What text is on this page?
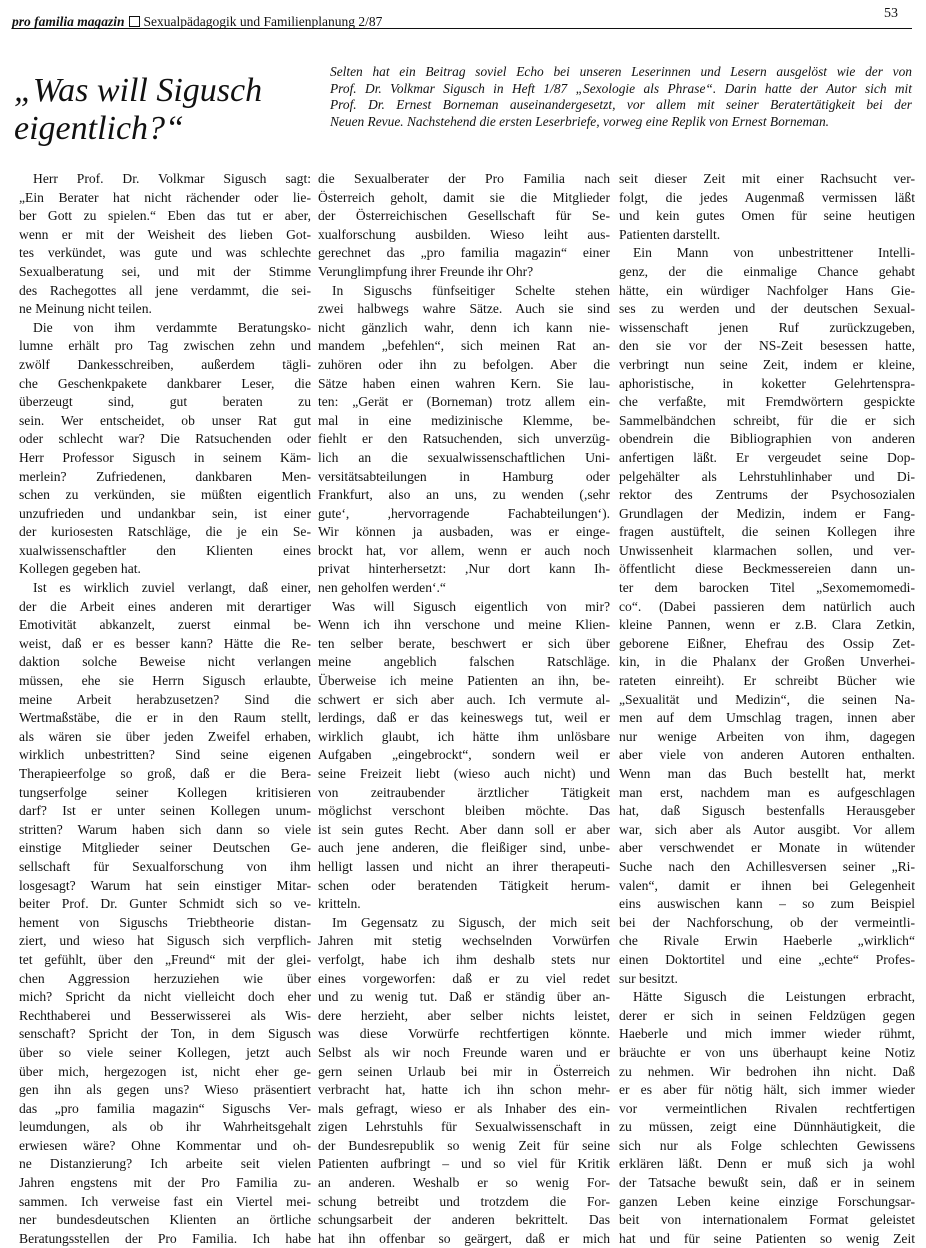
pro familia magazin Sexualpädagogik und Familienplanung 2/87
53
„Was will Sigusch
eigentlich?“
Selten hat ein Beitrag soviel Echo bei unseren Leserinnen und Lesern ausgelöst wie der von
Prof. Dr. Volkmar Sigusch in Heft 1/87 „Sexologie als Phrase“. Darin hatte der Autor sich mit
Prof. Dr. Ernest Borneman auseinandergesetzt, vor allem mit seiner Beratertätigkeit bei der
Neuen Revue. Nachstehend die ersten Leserbriefe, vorweg eine Replik von Ernest Borneman.
Herr Prof. Dr. Volkmar Sigusch sagt:
„Ein Berater hat nicht rächender oder lie-
ber Gott zu spielen.“ Eben das tut er aber,
wenn er mit der Weisheit des lieben Got-
tes verkündet, was gute und was schlechte
Sexualberatung sei, und mit der Stimme
des Rachegottes all jene verdammt, die sei-
ne Meinung nicht teilen.
Die von ihm verdammte Beratungsko-
lumne erhält pro Tag zwischen zehn und
zwölf Dankesschreiben, außerdem tägli-
che Geschenkpakete dankbarer Leser, die
überzeugt sind, gut beraten zu
sein. Wer entscheidet, ob unser Rat gut
oder schlecht war? Die Ratsuchenden oder
Herr Professor Sigusch in seinem Käm-
merlein? Zufriedenen, dankbaren Men-
schen zu verkünden, sie müßten eigentlich
unzufrieden und undankbar sein, ist einer
der kuriosesten Ratschläge, die je ein Se-
xualwissenschaftler den Klienten eines
Kollegen gegeben hat.
Ist es wirklich zuviel verlangt, daß einer,
der die Arbeit eines anderen mit derartiger
Emotivität abkanzelt, zuerst einmal be-
weist, daß er es besser kann? Hätte die Re-
daktion solche Beweise nicht verlangen
müssen, ehe sie Herrn Sigusch erlaubte,
meine Arbeit herabzusetzen? Sind die
Wertmaßstäbe, die er in den Raum stellt,
als wären sie über jeden Zweifel erhaben,
wirklich unbestritten? Sind seine eigenen
Therapieerfolge so groß, daß er die Bera-
tungserfolge seiner Kollegen kritisieren
darf? Ist er unter seinen Kollegen unum-
stritten? Warum haben sich dann so viele
einstige Mitglieder seiner Deutschen Ge-
sellschaft für Sexualforschung von ihm
losgesagt? Warum hat sein einstiger Mitar-
beiter Prof. Dr. Gunter Schmidt sich so ve-
hement von Siguschs Triebtheorie distan-
ziert, und wieso hat Sigusch sich verpflich-
tet gefühlt, über den „Freund“ mit der glei-
chen Aggression herzuziehen wie über
mich? Spricht da nicht vielleicht doch eher
Rechthaberei und Besserwisserei als Wis-
senschaft? Spricht der Ton, in dem Sigusch
über so viele seiner Kollegen, jetzt auch
über mich, hergezogen ist, nicht eher ge-
gen ihn als gegen uns? Wieso präsentiert
das „pro familia magazin“ Siguschs Ver-
leumdungen, als ob ihr Wahrheitsgehalt
erwiesen wäre? Ohne Kommentar und oh-
ne Distanzierung? Ich arbeite seit vielen
Jahren engstens mit der Pro Familia zu-
sammen. Ich verweise fast ein Viertel mei-
ner bundesdeutschen Klienten an örtliche
Beratungsstellen der Pro Familia. Ich habe
die Sexualberater der Pro Familia nach
Österreich geholt, damit sie die Mitglieder
der Österreichischen Gesellschaft für Se-
xualforschung ausbilden. Wieso leiht aus-
gerechnet das „pro familia magazin“ einer
Verunglimpfung ihrer Freunde ihr Ohr?
In Siguschs fünfseitiger Schelte stehen
zwei halbwegs wahre Sätze. Auch sie sind
nicht gänzlich wahr, denn ich kann nie-
mandem „befehlen“, sich meinen Rat an-
zuhören oder ihn zu befolgen. Aber die
Sätze haben einen wahren Kern. Sie lau-
ten: „Gerät er (Borneman) trotz allem ein-
mal in eine medizinische Klemme, be-
fiehlt er den Ratsuchenden, sich unverzüg-
lich an die sexualwissenschaftlichen Uni-
versitätsabteilungen in Hamburg oder
Frankfurt, also an uns, zu wenden (,sehr
gute‘, ,hervorragende Fachabteilungen‘).
Wir können ja ausbaden, was er einge-
brockt hat, vor allem, wenn er auch noch
privat hinterhersetzt: ,Nur dort kann Ih-
nen geholfen werden‘.“
Was will Sigusch eigentlich von mir?
Wenn ich ihn verschone und meine Klien-
ten selber berate, beschwert er sich über
meine angeblich falschen Ratschläge.
Überweise ich meine Patienten an ihn, be-
schwert er sich aber auch. Ich vermute al-
lerdings, daß er das keineswegs tut, weil er
wirklich glaubt, ich hätte ihm unlösbare
Aufgaben „eingebrockt“, sondern weil er
seine Freizeit liebt (wieso auch nicht) und
von zeitraubender ärztlicher Tätigkeit
möglichst verschont bleiben möchte. Das
ist sein gutes Recht. Aber dann soll er aber
auch jene anderen, die fleißiger sind, unbe-
helligt lassen und nicht an ihrer therapeuti-
schen oder beratenden Tätigkeit herum-
kritteln.
Im Gegensatz zu Sigusch, der mich seit
Jahren mit stetig wechselnden Vorwürfen
verfolgt, habe ich ihm deshalb stets nur
eines vorgeworfen: daß er zu viel redet
und zu wenig tut. Daß er ständig über an-
dere herzieht, aber selber nichts leistet,
was diese Vorwürfe rechtfertigen könnte.
Selbst als wir noch Freunde waren und er
gern seinen Urlaub bei mir in Österreich
verbracht hat, hatte ich ihn schon mehr-
mals gefragt, wieso er als Inhaber des ein-
zigen Lehrstuhls für Sexualwissenschaft in
der Bundesrepublik so wenig Zeit für seine
Patienten aufbringt – und so viel für Kritik
an anderen. Weshalb er so wenig For-
schung betreibt und trotzdem die For-
schungsarbeit der anderen bekrittelt. Das
hat ihn offenbar so geärgert, daß er mich
seit dieser Zeit mit einer Rachsucht ver-
folgt, die jedes Augenmaß vermissen läßt
und kein gutes Omen für seine heutigen
Patienten darstellt.
Ein Mann von unbestrittener Intelli-
genz, der die einmalige Chance gehabt
hätte, ein würdiger Nachfolger Hans Gie-
ses zu werden und der deutschen Sexual-
wissenschaft jenen Ruf zurückzugeben,
den sie vor der NS-Zeit besessen hatte,
verbringt nun seine Zeit, indem er kleine,
aphoristische, in koketter Gelehrtenspra-
che verfaßte, mit Fremdwörtern gespickte
Sammelbändchen schreibt, für die er sich
obendrein die Bibliographien von anderen
anfertigen läßt. Er vergeudet seine Dop-
pelgehälter als Lehrstuhlinhaber und Di-
rektor des Zentrums der Psychosozialen
Grundlagen der Medizin, indem er Fang-
fragen austüftelt, die seinen Kollegen ihre
Unwissenheit klarmachen sollen, und ver-
öffentlicht diese Beckmessereien dann un-
ter dem barocken Titel „Sexomemomedi-
co“. (Dabei passieren dem natürlich auch
kleine Pannen, wenn er z.B. Clara Zetkin,
geborene Eißner, Ehefrau des Ossip Zet-
kin, in die Phalanx der Großen Unverhei-
rateten einreiht). Er schreibt Bücher wie
„Sexualität und Medizin“, die seinen Na-
men auf dem Umschlag tragen, innen aber
nur wenige Arbeiten von ihm, dagegen
aber viele von anderen Autoren enthalten.
Wenn man das Buch bestellt hat, merkt
man erst, nachdem man es aufgeschlagen
hat, daß Sigusch bestenfalls Herausgeber
war, sich aber als Autor ausgibt. Vor allem
aber verschwendet er Monate in wütender
Suche nach den Achillesversen seiner „Ri-
valen“, damit er ihnen bei Gelegenheit
eins auswischen kann – so zum Beispiel
bei der Nachforschung, ob der vermeintli-
che Rivale Erwin Haeberle „wirklich“
einen Doktortitel und eine „echte“ Profes-
sur besitzt.
Hätte Sigusch die Leistungen erbracht,
derer er sich in seinen Feldzügen gegen
Haeberle und mich immer wieder rühmt,
bräuchte er von uns überhaupt keine Notiz
zu nehmen. Wir bedrohen ihn nicht. Daß
er es aber für nötig hält, sich immer wieder
vor vermeintlichen Rivalen rechtfertigen
zu müssen, zeigt eine Dünnhäutigkeit, die
sich nur als Folge schlechten Gewissens
erklären läßt. Denn er muß sich ja wohl
der Tatsache bewußt sein, daß er in seinem
ganzen Leben keine einzige Forschungsar-
beit von internationalem Format geleistet
hat und für seine Patienten so wenig Zeit
